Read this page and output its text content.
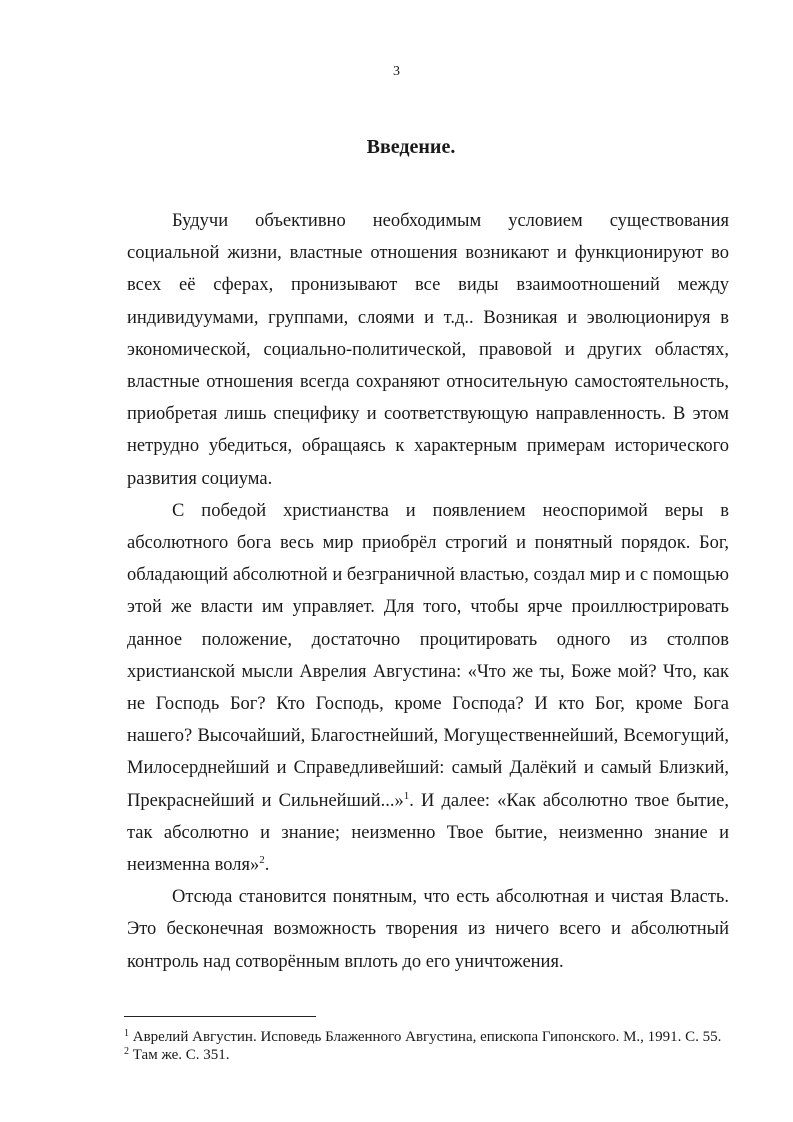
3
Введение.

Будучи объективно необходимым условием существования социальной жизни, властные отношения возникают и функционируют во всех её сферах, пронизывают все виды взаимоотношений между индивидуумами, группами, слоями и т.д.. Возникая и эволюционируя в экономической, социально-политической, правовой и других областях, властные отношения всегда сохраняют относительную самостоятельность, приобретая лишь специфику и соответствующую направленность. В этом нетрудно убедиться, обращаясь к характерным примерам исторического развития социума.

С победой христианства и появлением неоспоримой веры в абсолютного бога весь мир приобрёл строгий и понятный порядок. Бог, обладающий абсолютной и безграничной властью, создал мир и с помощью этой же власти им управляет. Для того, чтобы ярче проиллюстрировать данное положение, достаточно процитировать одного из столпов христианской мысли Аврелия Августина: «Что же ты, Боже мой? Что, как не Господь Бог? Кто Господь, кроме Господа? И кто Бог, кроме Бога нашего? Высочайший, Благостнейший, Могущественнейший, Всемогущий, Милосерднейший и Справедливейший: самый Далёкий и самый Близкий, Прекраснейший и Сильнейший...»$^1$. И далее: «Как абсолютно твое бытие, так абсолютно и знание; неизменно Твое бытие, неизменно знание и неизменна воля»$^2$.

Отсюда становится понятным, что есть абсолютная и чистая Власть. Это бесконечная возможность творения из ничего всего и абсолютный контроль над сотворённым вплоть до его уничтожения.

$^1$ Аврелий Августин. Исповедь Блаженного Августина, епископа Гипонского. М., 1991. С. 55.

$^2$ Там же. С. 351.
